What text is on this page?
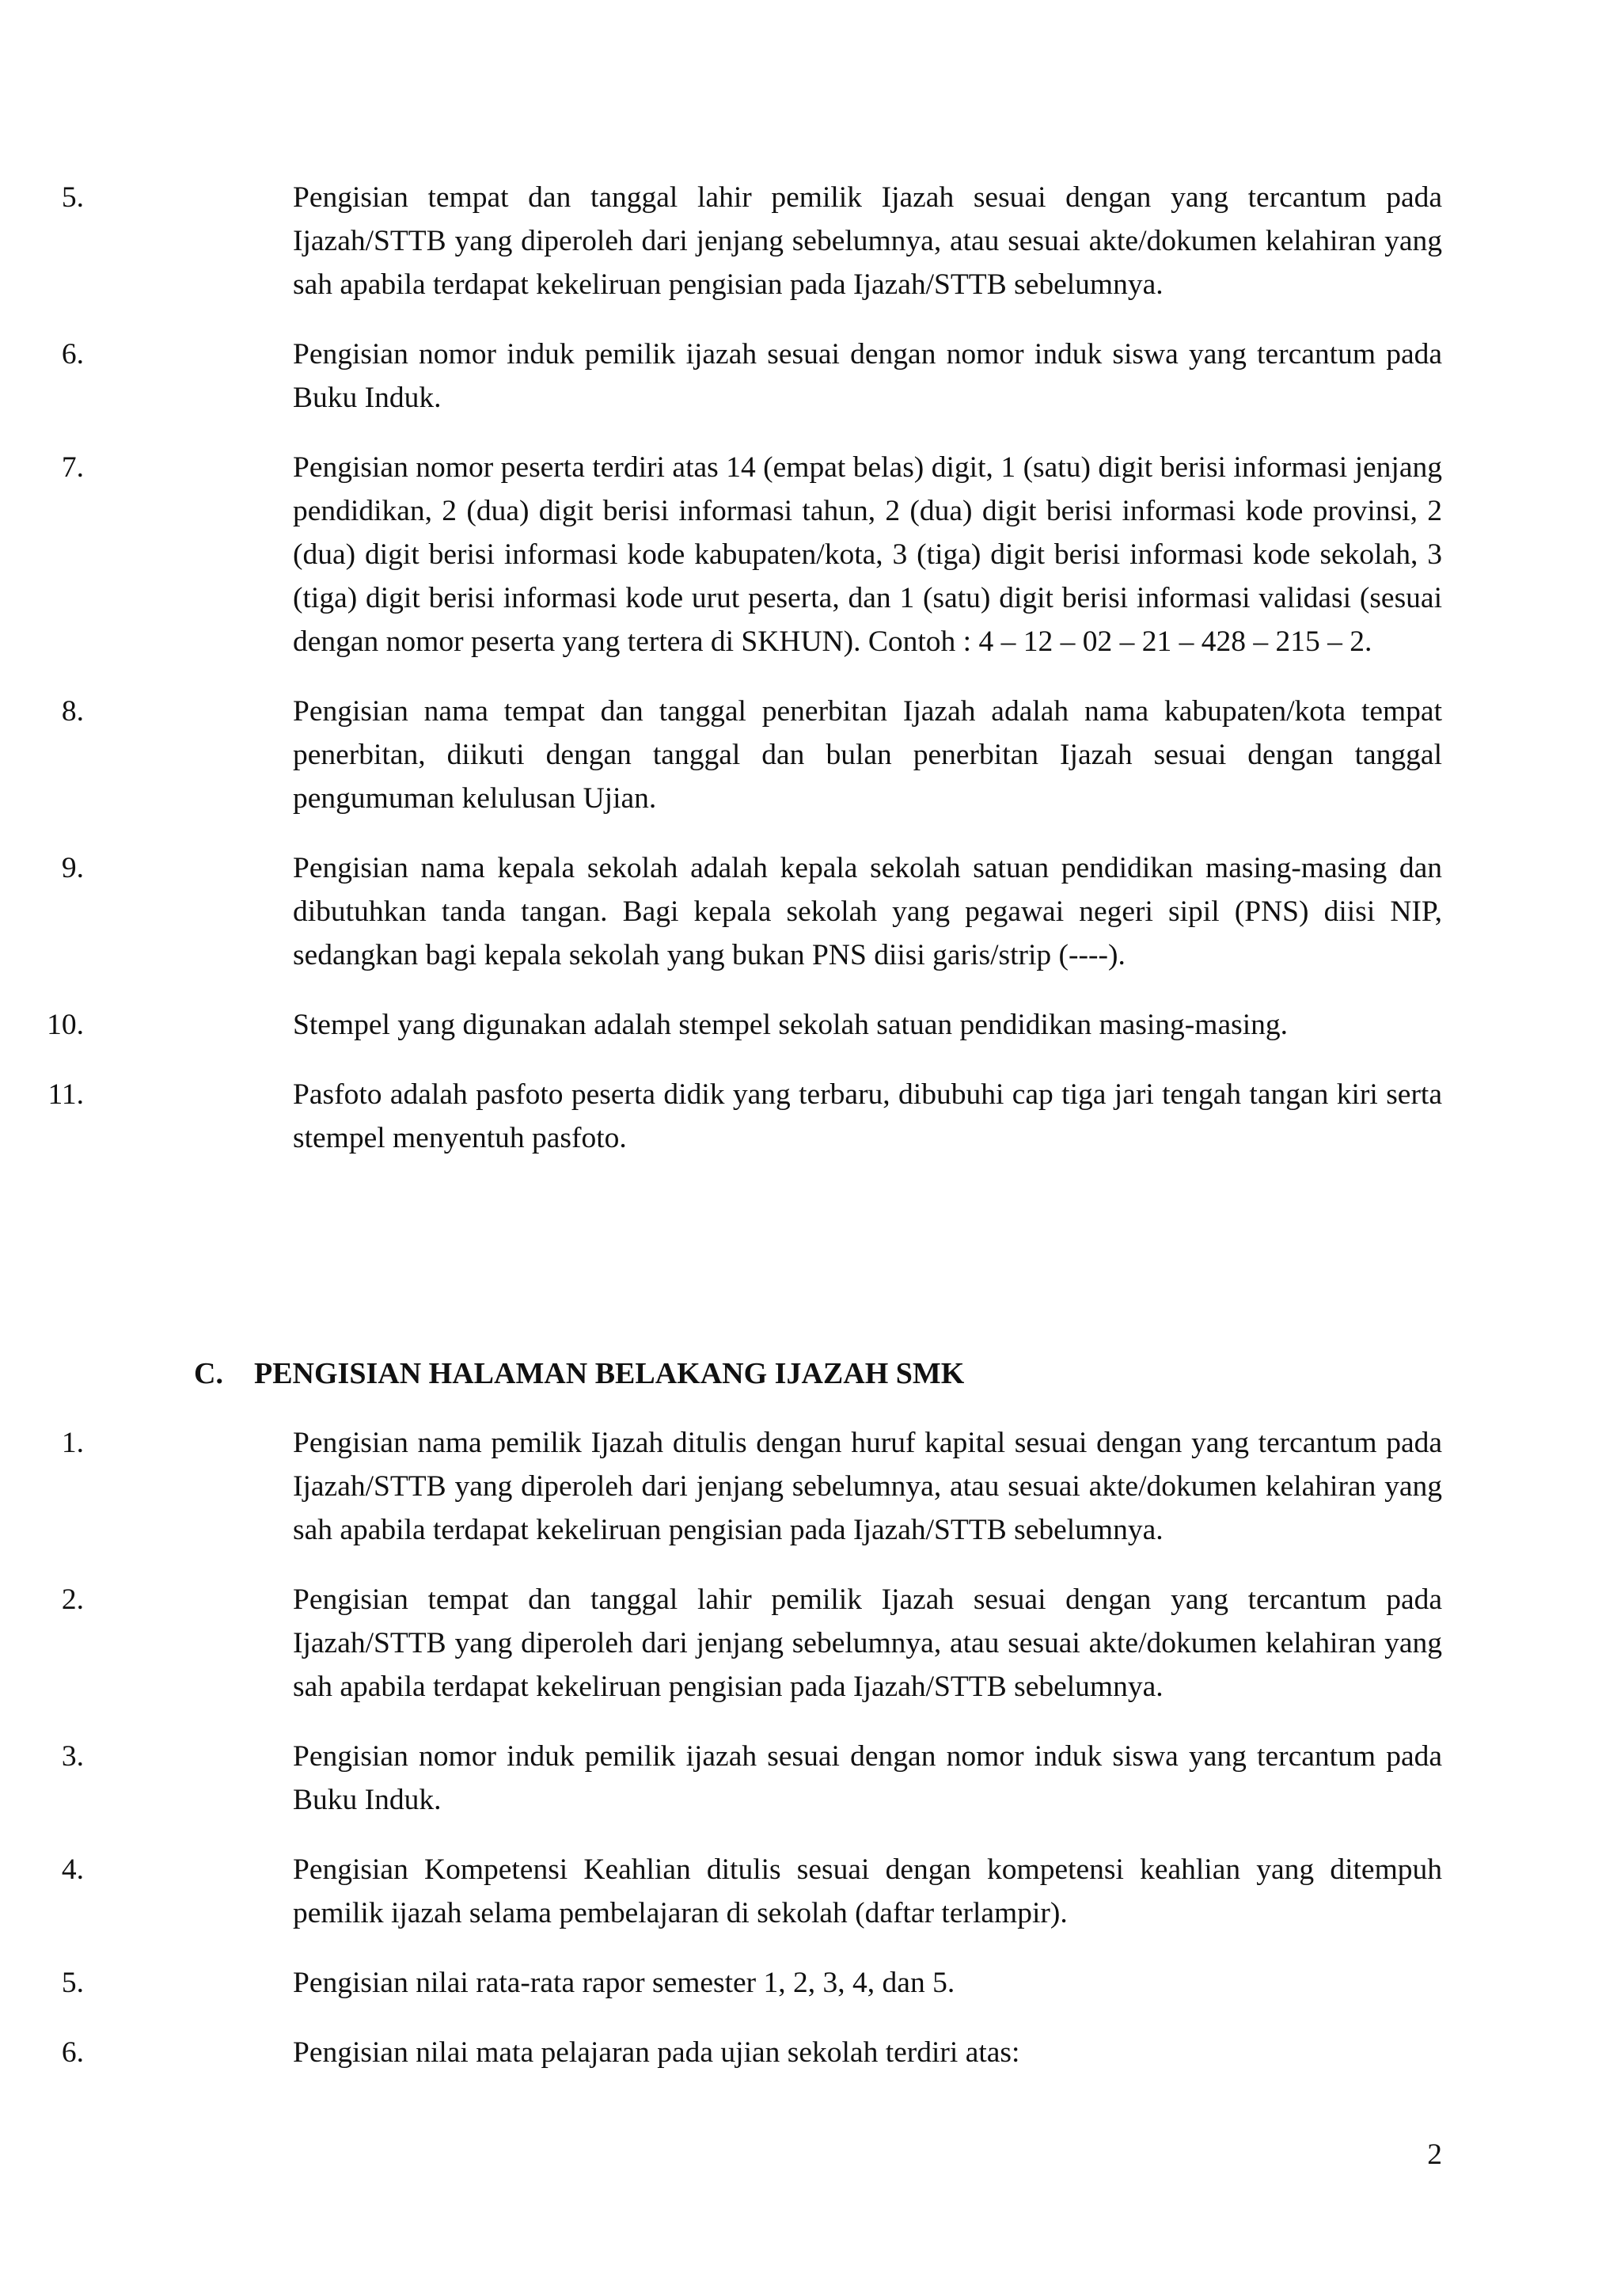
5.	Pengisian tempat dan tanggal lahir pemilik Ijazah sesuai dengan yang tercantum pada Ijazah/STTB yang diperoleh dari jenjang sebelumnya, atau sesuai akte/dokumen kelahiran yang sah apabila terdapat kekeliruan pengisian pada Ijazah/STTB sebelumnya.
6.	Pengisian nomor induk pemilik ijazah sesuai dengan nomor induk siswa yang tercantum pada Buku Induk.
7.	Pengisian nomor peserta terdiri atas 14 (empat belas) digit, 1 (satu) digit berisi informasi jenjang pendidikan, 2 (dua) digit berisi informasi tahun, 2 (dua) digit berisi informasi kode provinsi, 2 (dua) digit berisi informasi kode kabupaten/kota, 3 (tiga) digit berisi informasi kode sekolah, 3 (tiga) digit berisi informasi kode urut peserta, dan 1 (satu) digit berisi informasi validasi (sesuai dengan nomor peserta yang tertera di SKHUN). Contoh : 4 – 12 – 02 – 21 – 428 – 215 – 2.
8.	Pengisian nama tempat dan tanggal penerbitan Ijazah adalah nama kabupaten/kota tempat penerbitan, diikuti dengan tanggal dan bulan penerbitan Ijazah sesuai dengan tanggal pengumuman kelulusan Ujian.
9.	Pengisian nama kepala sekolah adalah kepala sekolah satuan pendidikan masing-masing dan dibutuhkan tanda tangan. Bagi kepala sekolah yang pegawai negeri sipil (PNS) diisi NIP, sedangkan bagi kepala sekolah yang bukan PNS diisi garis/strip (----).
10.	Stempel yang digunakan adalah stempel sekolah satuan pendidikan masing-masing.
11.	Pasfoto adalah pasfoto peserta didik yang terbaru, dibubuhi cap tiga jari tengah tangan kiri serta stempel menyentuh pasfoto.
C. PENGISIAN HALAMAN BELAKANG IJAZAH SMK
1.	Pengisian nama pemilik Ijazah ditulis dengan huruf kapital sesuai dengan yang tercantum pada Ijazah/STTB yang diperoleh dari jenjang sebelumnya, atau sesuai akte/dokumen kelahiran yang sah apabila terdapat kekeliruan pengisian pada Ijazah/STTB sebelumnya.
2.	Pengisian tempat dan tanggal lahir pemilik Ijazah sesuai dengan yang tercantum pada Ijazah/STTB yang diperoleh dari jenjang sebelumnya, atau sesuai akte/dokumen kelahiran yang sah apabila terdapat kekeliruan pengisian pada Ijazah/STTB sebelumnya.
3.	Pengisian nomor induk pemilik ijazah sesuai dengan nomor induk siswa yang tercantum pada Buku Induk.
4.	Pengisian Kompetensi Keahlian ditulis sesuai dengan kompetensi keahlian yang ditempuh pemilik ijazah selama pembelajaran di sekolah (daftar terlampir).
5.	Pengisian nilai rata-rata rapor semester 1, 2, 3, 4, dan 5.
6.	Pengisian nilai mata pelajaran pada ujian sekolah terdiri atas:
2
